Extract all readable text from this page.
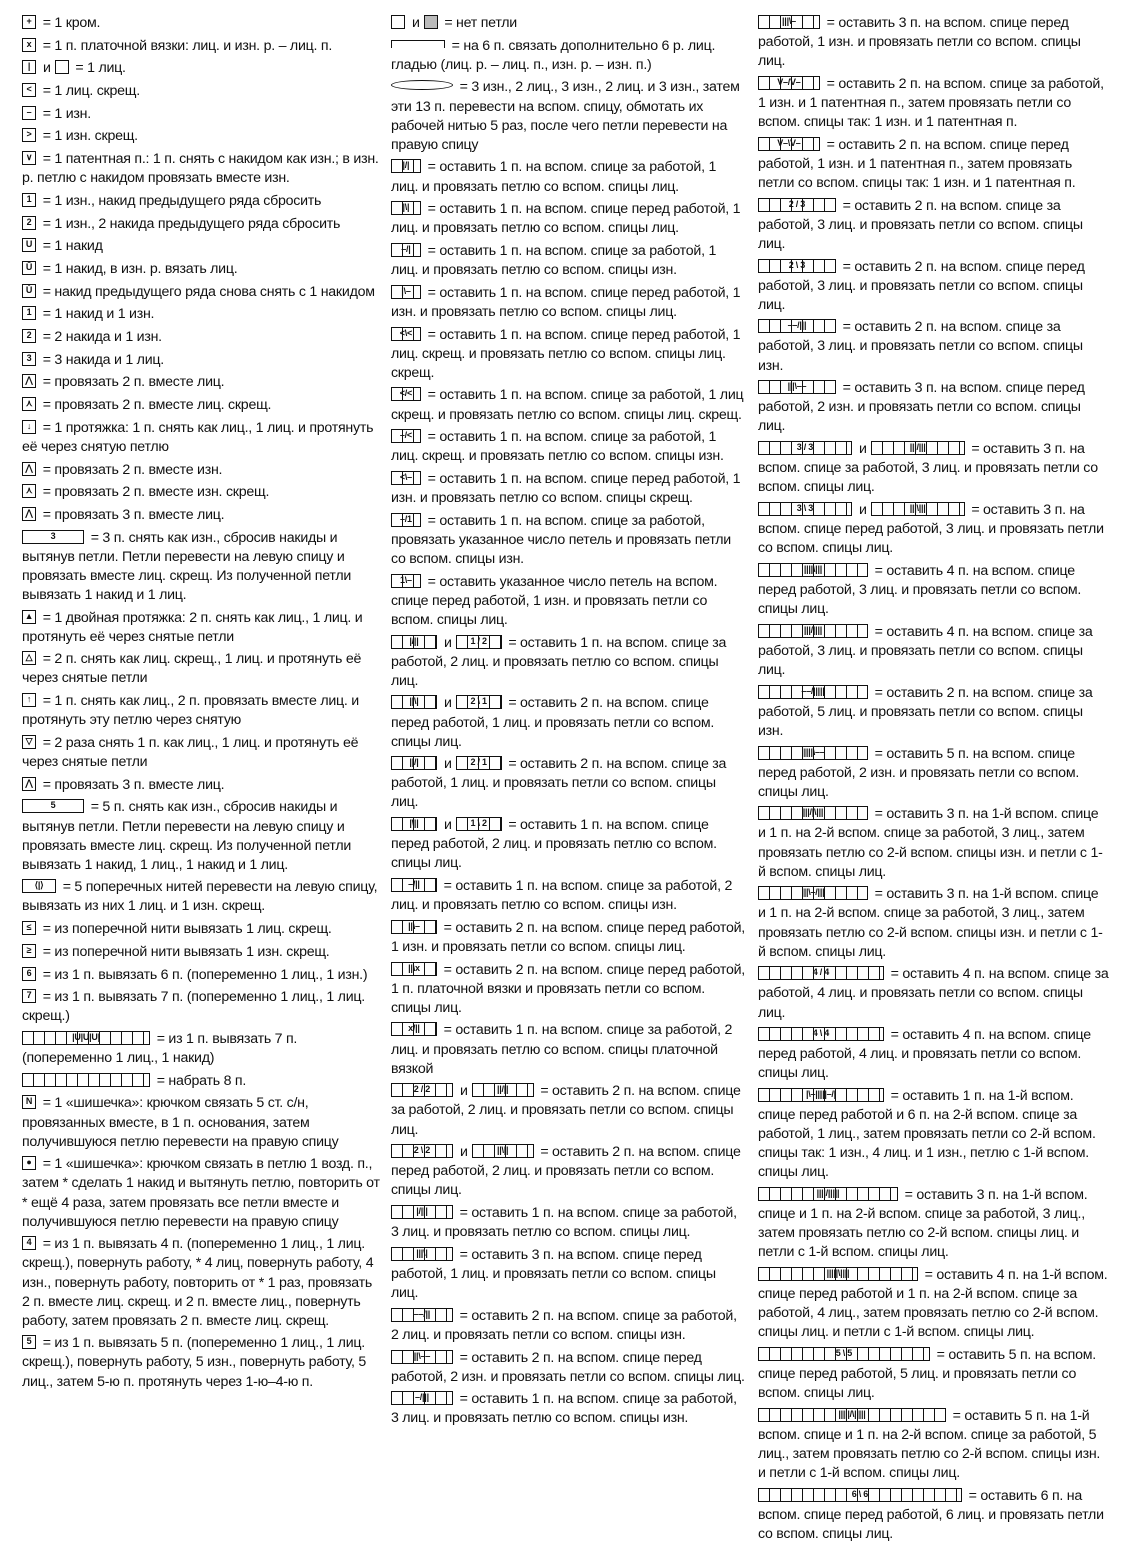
+ = 1 кром.
x = 1 п. платочной вязки: лиц. и изн. р. – лиц. п.
| и = 1 лиц.
< = 1 лиц. скрещ.
– = 1 изн.
> = 1 изн. скрещ.
∨ = 1 патентная п.: 1 п. снять с накидом как изн.; в изн. р. петлю с накидом провязать вместе изн.
1 = 1 изн., накид предыдущего ряда сбросить
2 = 1 изн., 2 накида предыдущего ряда сбросить
U = 1 накид
Ū = 1 накид, в изн. р. вязать лиц.
Ů = накид предыдущего ряда снова снять с 1 накидом
1 = 1 накид и 1 изн.
2 = 2 накида и 1 изн.
3 = 3 накида и 1 лиц.
⋀ = провязать 2 п. вместе лиц.
⋏ = провязать 2 п. вместе лиц. скрещ.
↓ = 1 протяжка: 1 п. снять как лиц., 1 лиц. и протянуть её через снятую петлю
⋀ = провязать 2 п. вместе изн.
⋏ = провязать 2 п. вместе изн. скрещ.
⋀ = провязать 3 п. вместе лиц.
3 = 3 п. снять как изн., сбросив накиды и вытянув петли. Петли перевести на левую спицу и провязать вместе лиц. скрещ. Из полученной петли вывязать 1 накид и 1 лиц.
▲ = 1 двойная протяжка: 2 п. снять как лиц., 1 лиц. и протянуть её через снятые петли
△ = 2 п. снять как лиц. скрещ., 1 лиц. и протянуть её через снятые петли
↑ = 1 п. снять как лиц., 2 п. провязать вместе лиц. и протянуть эту петлю через снятую
▽ = 2 раза снять 1 п. как лиц., 1 лиц. и протянуть её через снятые петли
⋀ = провязать 3 п. вместе лиц.
5 = 5 п. снять как изн., сбросив накиды и вытянув петли. Петли перевести на левую спицу и провязать вместе лиц. скрещ. Из полученной петли вывязать 1 накид, 1 лиц., 1 накид и 1 лиц.
⟨|⟩ = 5 поперечных нитей перевести на левую спицу, вывязать из них 1 лиц. и 1 изн. скрещ.
≤ = из поперечной нити вывязать 1 лиц. скрещ.
≥ = из поперечной нити вывязать 1 изн. скрещ.
6 = из 1 п. вывязать 6 п. (попеременно 1 лиц., 1 изн.)
7 = из 1 п. вывязать 7 п. (попеременно 1 лиц., 1 лиц. скрещ.)
|U|U|U|	= из 1 п. вывязать 7 п. (попеременно 1 лиц., 1 накид)
= набрать 8 п.
N = 1 «шишечка»: крючком связать 5 ст. с/н, провязанных вместе, в 1 п. основания, затем получившуюся петлю перевести на правую спицу
● = 1 «шишечка»: крючком связать в петлю 1 возд. п., затем * сделать 1 накид и вытянуть петлю, повторить от * ещё 4 раза, затем провязать все петли вместе и получившуюся петлю перевести на правую спицу
4 = из 1 п. вывязать 4 п. (попеременно 1 лиц., 1 лиц. скрещ.), повернуть работу, * 4 лиц, повернуть работу, 4 изн., повернуть работу, повторить от * 1 раз, провязать 2 п. вместе лиц. скрещ. и 2 п. вместе лиц., повернуть работу, затем провязать 2 п. вместе лиц. скрещ.
5 = из 1 п. вывязать 5 п. (попеременно 1 лиц., 1 лиц. скрещ.), повернуть работу, 5 изн., повернуть работу, 5 лиц., затем 5-ю п. протянуть через 1-ю–4-ю п.
и = нет петли
= на 6 п. связать дополнительно 6 р. лиц. гладью (лиц. р. – лиц. п., изн. р. – изн. п.)
= 3 изн., 2 лиц., 3 изн., 2 лиц. и 3 изн., затем эти 13 п. перевести на вспом. спицу, обмотать их рабочей нитью 5 раз, после чего петли перевести на правую спицу
|/| = оставить 1 п. на вспом. спице за работой, 1 лиц. и провязать петлю со вспом. спицы лиц.
|\| = оставить 1 п. на вспом. спице перед работой, 1 лиц. и провязать петлю со вспом. спицы лиц.
–/| = оставить 1 п. на вспом. спице за работой, 1 лиц. и провязать петлю со вспом. спицы изн.
|\– = оставить 1 п. на вспом. спице перед работой, 1 изн. и провязать петлю со вспом. спицы лиц.
<\< = оставить 1 п. на вспом. спице перед работой, 1 лиц. скрещ. и провязать петлю со вспом. спицы лиц. скрещ.
</< = оставить 1 п. на вспом. спице за работой, 1 лиц скрещ. и провязать петлю со вспом. спицы лиц. скрещ.
–/< = оставить 1 п. на вспом. спице за работой, 1 лиц. скрещ. и провязать петлю со вспом. спицы изн.
<\– = оставить 1 п. на вспом. спице перед работой, 1 изн. и провязать петлю со вспом. спицы скрещ.
–/1 = оставить 1 п. на вспом. спице за работой, провязать указанное число петель и провязать петли со вспом. спицы изн.
1\– = оставить указанное число петель на вспом. спице перед работой, 1 изн. и провязать петли со вспом. спицы лиц.
|/|| и 1 / 2 = оставить 1 п. на вспом. спице за работой, 2 лиц. и провязать петлю со вспом. спицы лиц.
||\| и 2 \ 1 = оставить 2 п. на вспом. спице перед работой, 1 лиц. и провязать петли со вспом. спицы лиц.
||/| и 2 / 1 = оставить 2 п. на вспом. спице за работой, 1 лиц. и провязать петли со вспом. спицы лиц.
|\|| и 1 \ 2 = оставить 1 п. на вспом. спице перед работой, 2 лиц. и провязать петлю со вспом. спицы лиц.
–/|| = оставить 1 п. на вспом. спице за работой, 2 лиц. и провязать петлю со вспом. спицы изн.
||\– = оставить 2 п. на вспом. спице перед работой, 1 изн. и провязать петли со вспом. спицы лиц.
||\x = оставить 2 п. на вспом. спице перед работой, 1 п. платочной вязки и провязать петли со вспом. спицы лиц.
x/|| = оставить 1 п. на вспом. спице за работой, 2 лиц. и провязать петлю со вспом. спицы платочной вязкой
2 / 2 и	||/|| = оставить 2 п. на вспом. спице за работой, 2 лиц. и провязать петли со вспом. спицы лиц.
2 \ 2 и	||\|| = оставить 2 п. на вспом. спице перед работой, 2 лиц. и провязать петли со вспом. спицы лиц.
|/||| = оставить 1 п. на вспом. спице за работой, 3 лиц. и провязать петлю со вспом. спицы лиц.
|||\| = оставить 3 п. на вспом. спице перед работой, 1 лиц. и провязать петли со вспом. спицы лиц.
––/|| = оставить 2 п. на вспом. спице за работой, 2 лиц. и провязать петли со вспом. спицы изн.
||\–– = оставить 2 п. на вспом. спице перед работой, 2 изн. и провязать петли со вспом. спицы лиц.
–/||| = оставить 1 п. на вспом. спице за работой, 3 лиц. и провязать петлю со вспом. спицы изн.
|||\– = оставить 3 п. на вспом. спице перед работой, 1 изн. и провязать петли со вспом. спицы лиц.
V–/V– = оставить 2 п. на вспом. спице за работой, 1 изн. и 1 патентная п., затем провязать петли со вспом. спицы так: 1 изн. и 1 патентная п.
V–\V– = оставить 2 п. на вспом. спице перед работой, 1 изн. и 1 патентная п., затем провязать петли со вспом. спицы так: 1 изн. и 1 патентная п.
2 / 3 = оставить 2 п. на вспом. спице за работой, 3 лиц. и провязать петли со вспом. спицы лиц.
2 \ 3 = оставить 2 п. на вспом. спице перед работой, 3 лиц. и провязать петли со вспом. спицы лиц.
––/||| = оставить 2 п. на вспом. спице за работой, 3 лиц. и провязать петли со вспом. спицы изн.
|||\–– = оставить 3 п. на вспом. спице перед работой, 2 изн. и провязать петли со вспом. спицы лиц.
3 / 3	и	|||/|||	= оставить 3 п. на вспом. спице за работой, 3 лиц. и провязать петли со вспом. спицы лиц.
3 \ 3	и	|||\|||	= оставить 3 п. на вспом. спице перед работой, 3 лиц. и провязать петли со вспом. спицы лиц.
||||\|||	= оставить 4 п. на вспом. спице перед работой, 3 лиц. и провязать петли со вспом. спицы лиц.
|||/||||	= оставить 4 п. на вспом. спице за работой, 3 лиц. и провязать петли со вспом. спицы лиц.
––/|||||	= оставить 2 п. на вспом. спице за работой, 5 лиц. и провязать петли со вспом. спицы изн.
|||||\––	= оставить 5 п. на вспом. спице перед работой, 2 изн. и провязать петли со вспом. спицы лиц.
|||/|\|||	= оставить 3 п. на 1-й вспом. спице и 1 п. на 2-й вспом. спице за работой, 3 лиц., затем провязать петлю со 2-й вспом. спицы изн. и петли с 1-й вспом. спицы лиц.
|||\–/|||	= оставить 3 п. на 1-й вспом. спице и 1 п. на 2-й вспом. спице за работой, 3 лиц., затем провязать петлю со 2-й вспом. спицы изн. и петли с 1-й вспом. спицы лиц.
4 / 4	= оставить 4 п. на вспом. спице за работой, 4 лиц. и провязать петли со вспом. спицы лиц.
4 \ 4	= оставить 4 п. на вспом. спице перед работой, 4 лиц. и провязать петли со вспом. спицы лиц.
|\–|||||–/|	= оставить 1 п. на 1-й вспом. спице перед работой и 6 п. на 2-й вспом. спице за работой, 1 лиц., затем провязать петли со 2-й вспом. спицы так: 1 изн., 4 лиц. и 1 изн., петлю с 1-й вспом. спицы лиц.
||||/|||||	= оставить 3 п. на 1-й вспом. спице и 1 п. на 2-й вспом. спице за работой, 3 лиц., затем провязать петлю со 2-й вспом. спицы лиц. и петли с 1-й вспом. спицы лиц.
|||||\||||	= оставить 4 п. на 1-й вспом. спице перед работой и 1 п. на 2-й вспом. спице за работой, 4 лиц., затем провязать петлю со 2-й вспом. спицы лиц. и петли с 1-й вспом. спицы лиц.
5 \ 5	= оставить 5 п. на вспом. спице перед работой, 5 лиц. и провязать петли со вспом. спицы лиц.
|||||/\|||||	= оставить 5 п. на 1-й вспом. спице и 1 п. на 2-й вспом. спице за работой, 5 лиц., затем провязать петлю со 2-й вспом. спицы изн. и петли с 1-й вспом. спицы лиц.
6 \ 6	= оставить 6 п. на вспом. спице перед работой, 6 лиц. и провязать петли со вспом. спицы лиц.
